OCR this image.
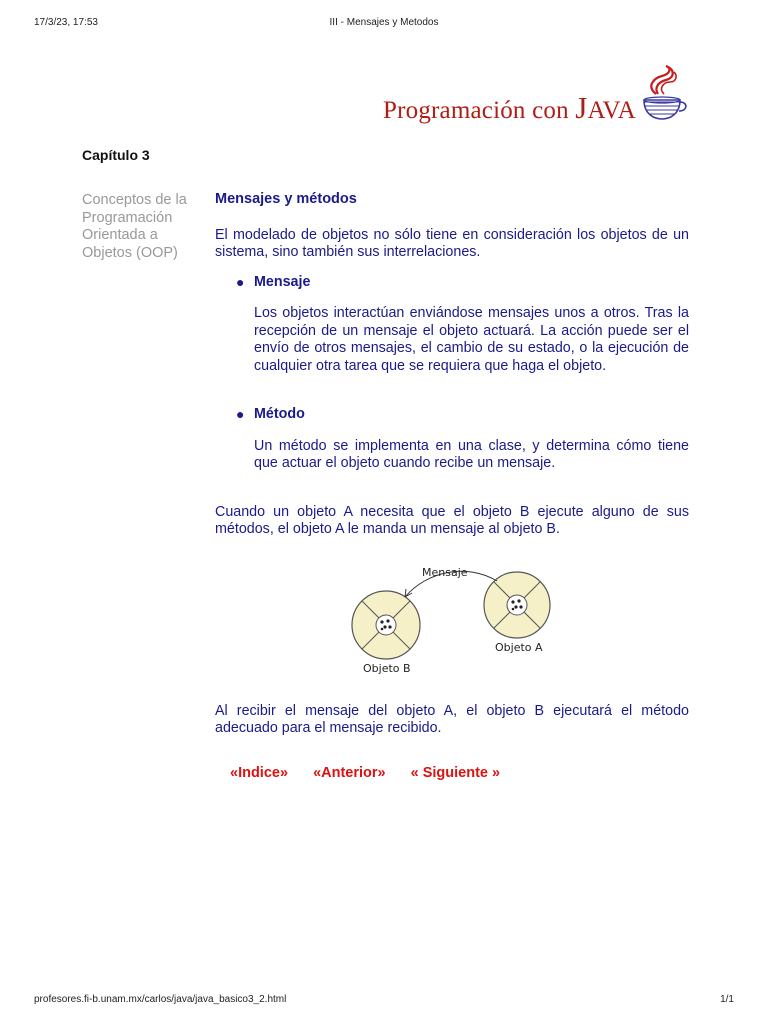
17/3/23, 17:53	III - Mensajes y Metodos
Programación con JAVA
Capítulo 3
Conceptos de la Programación Orientada a Objetos (OOP)
Mensajes y métodos

El modelado de objetos no sólo tiene en consideración los objetos de un sistema, sino también sus interrelaciones.

● Mensaje

Los objetos interactúan enviándose mensajes unos a otros. Tras la recepción de un mensaje el objeto actuará. La acción puede ser el envío de otros mensajes, el cambio de su estado, o la ejecución de cualquier otra tarea que se requiera que haga el objeto.

● Método

Un método se implementa en una clase, y determina cómo tiene que actuar el objeto cuando recibe un mensaje.

Cuando un objeto A necesita que el objeto B ejecute alguno de sus métodos, el objeto A le manda un mensaje al objeto B.

Mensaje
Objeto B
Objeto A

Al recibir el mensaje del objeto A, el objeto B ejecutará el método adecuado para el mensaje recibido.

«Indice» «Anterior» « Siguiente »
profesores.fi-b.unam.mx/carlos/java/java_basico3_2.html	1/1
